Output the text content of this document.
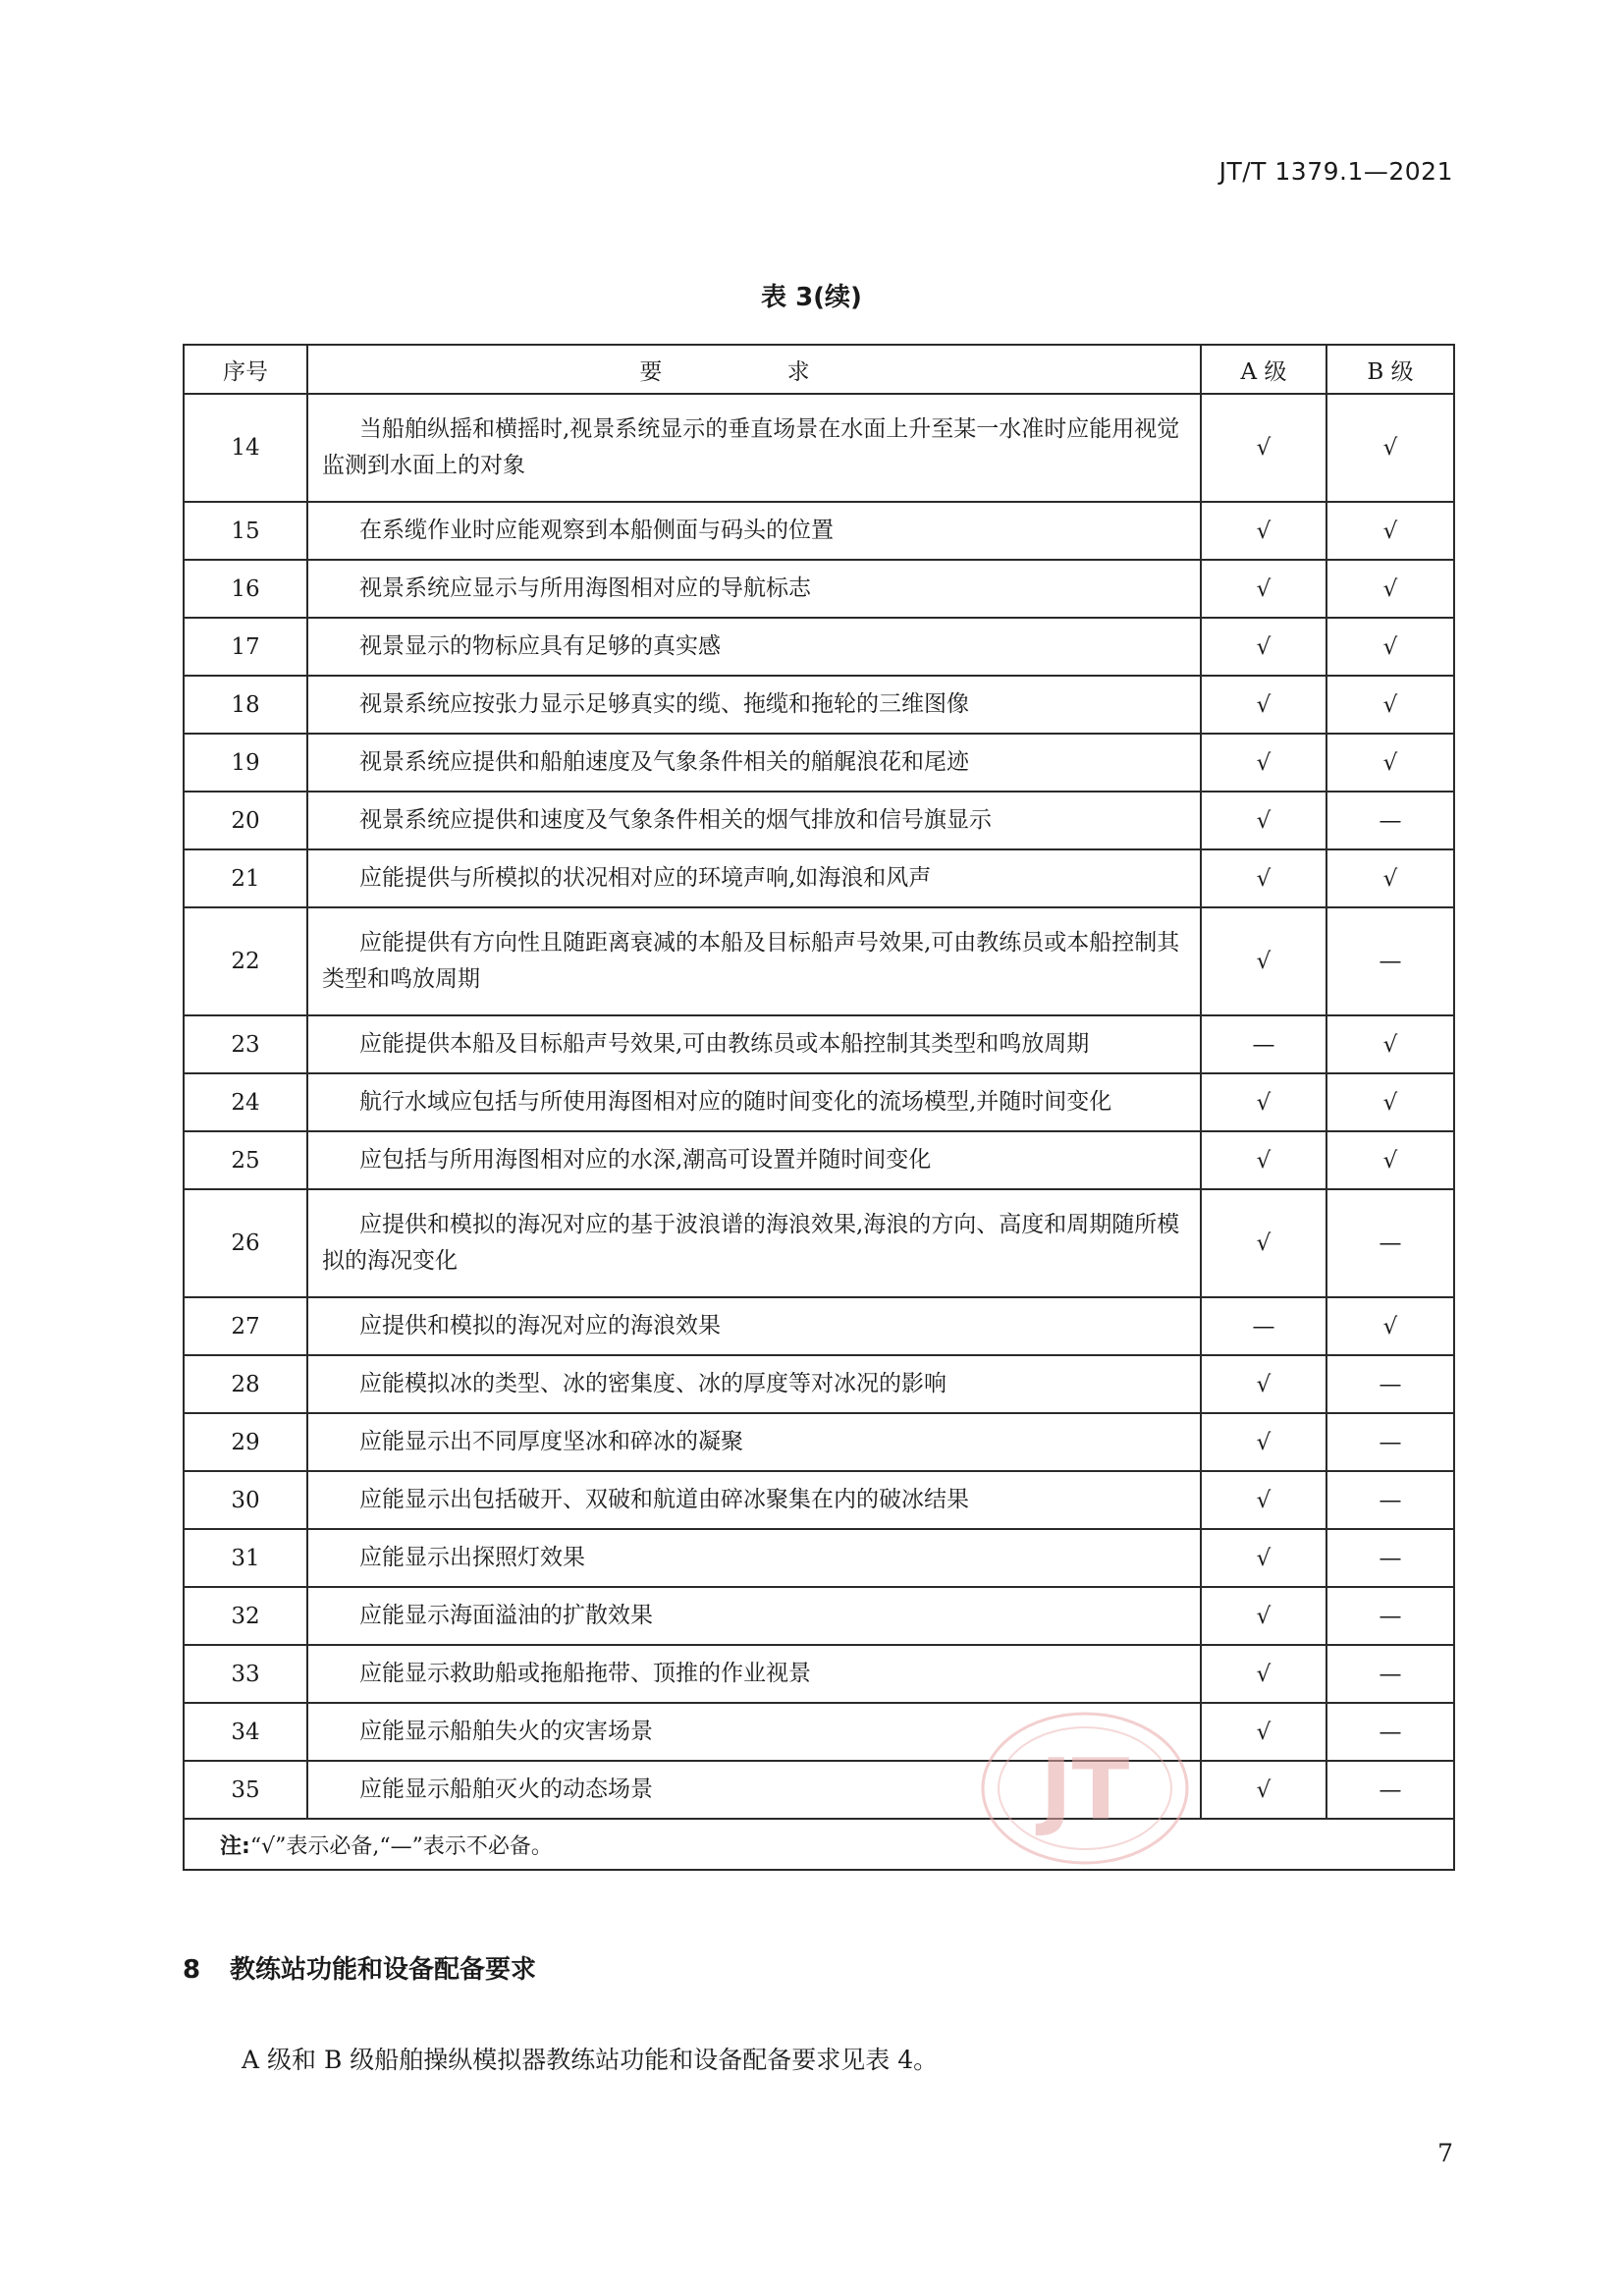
JT/T 1379.1—2021
表 3(续)
序号	要 求	A 级	B 级
14	当船舶纵摇和横摇时,视景系统显示的垂直场景在水面上升至某一水准时应能用视觉监测到水面上的对象	√	√
15	在系缆作业时应能观察到本船侧面与码头的位置	√	√
16	视景系统应显示与所用海图相对应的导航标志	√	√
17	视景显示的物标应具有足够的真实感	√	√
18	视景系统应按张力显示足够真实的缆、拖缆和拖轮的三维图像	√	√
19	视景系统应提供和船舶速度及气象条件相关的艏艉浪花和尾迹	√	√
20	视景系统应提供和速度及气象条件相关的烟气排放和信号旗显示	√	—
21	应能提供与所模拟的状况相对应的环境声响,如海浪和风声	√	√
22	应能提供有方向性且随距离衰减的本船及目标船声号效果,可由教练员或本船控制其类型和鸣放周期	√	—
23	应能提供本船及目标船声号效果,可由教练员或本船控制其类型和鸣放周期	—	√
24	航行水域应包括与所使用海图相对应的随时间变化的流场模型,并随时间变化	√	√
25	应包括与所用海图相对应的水深,潮高可设置并随时间变化	√	√
26	应提供和模拟的海况对应的基于波浪谱的海浪效果,海浪的方向、高度和周期随所模拟的海况变化	√	—
27	应提供和模拟的海况对应的海浪效果	—	√
28	应能模拟冰的类型、冰的密集度、冰的厚度等对冰况的影响	√	—
29	应能显示出不同厚度坚冰和碎冰的凝聚	√	—
30	应能显示出包括破开、双破和航道由碎冰聚集在内的破冰结果	√	—
31	应能显示出探照灯效果	√	—
32	应能显示海面溢油的扩散效果	√	—
33	应能显示救助船或拖船拖带、顶推的作业视景	√	—
34	应能显示船舶失火的灾害场景	√	—
35	应能显示船舶灭火的动态场景	√	—
注:“√”表示必备,“—”表示不必备。			
8 教练站功能和设备配备要求
A 级和 B 级船舶操纵模拟器教练站功能和设备配备要求见表 4。
7
JT
